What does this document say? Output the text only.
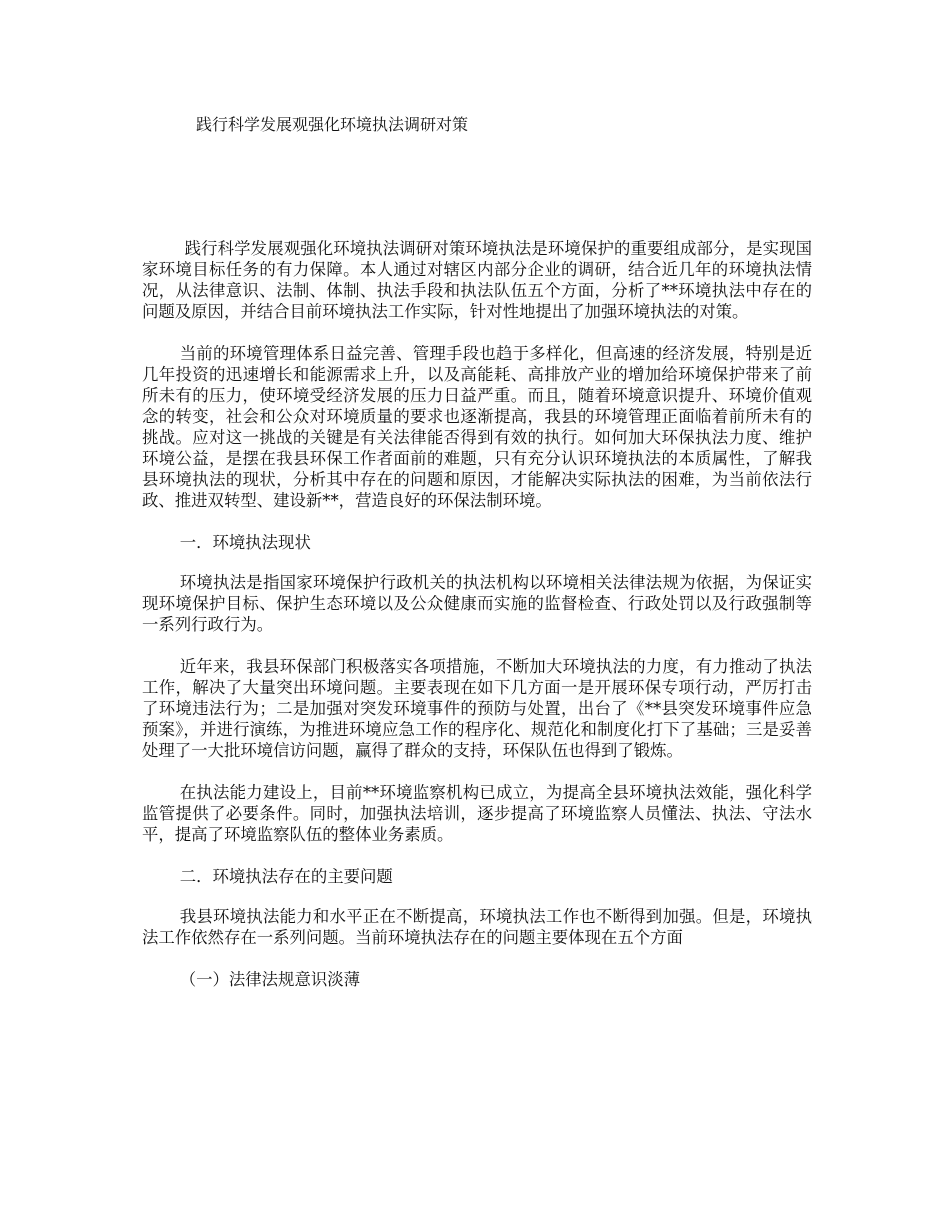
践行科学发展观强化环境执法调研对策

践行科学发展观强化环境执法调研对策环境执法是环境保护的重要组成部分，是实现国家环境目标任务的有力保障。本人通过对辖区内部分企业的调研，结合近几年的环境执法情况，从法律意识、法制、体制、执法手段和执法队伍五个方面，分析了**环境执法中存在的问题及原因，并结合目前环境执法工作实际，针对性地提出了加强环境执法的对策。

当前的环境管理体系日益完善、管理手段也趋于多样化，但高速的经济发展，特别是近几年投资的迅速增长和能源需求上升，以及高能耗、高排放产业的增加给环境保护带来了前所未有的压力，使环境受经济发展的压力日益严重。而且，随着环境意识提升、环境价值观念的转变，社会和公众对环境质量的要求也逐渐提高，我县的环境管理正面临着前所未有的挑战。应对这一挑战的关键是有关法律能否得到有效的执行。如何加大环保执法力度、维护环境公益，是摆在我县环保工作者面前的难题，只有充分认识环境执法的本质属性，了解我县环境执法的现状，分析其中存在的问题和原因，才能解决实际执法的困难，为当前依法行政、推进双转型、建设新**，营造良好的环保法制环境。

一．环境执法现状

环境执法是指国家环境保护行政机关的执法机构以环境相关法律法规为依据，为保证实现环境保护目标、保护生态环境以及公众健康而实施的监督检查、行政处罚以及行政强制等一系列行政行为。

近年来，我县环保部门积极落实各项措施，不断加大环境执法的力度，有力推动了执法工作，解决了大量突出环境问题。主要表现在如下几方面一是开展环保专项行动，严厉打击了环境违法行为；二是加强对突发环境事件的预防与处置，出台了《**县突发环境事件应急预案》，并进行演练，为推进环境应急工作的程序化、规范化和制度化打下了基础；三是妥善处理了一大批环境信访问题，赢得了群众的支持，环保队伍也得到了锻炼。

在执法能力建设上，目前**环境监察机构已成立，为提高全县环境执法效能，强化科学监管提供了必要条件。同时，加强执法培训，逐步提高了环境监察人员懂法、执法、守法水平，提高了环境监察队伍的整体业务素质。

二．环境执法存在的主要问题

我县环境执法能力和水平正在不断提高，环境执法工作也不断得到加强。但是，环境执法工作依然存在一系列问题。当前环境执法存在的问题主要体现在五个方面

（一）法律法规意识淡薄
